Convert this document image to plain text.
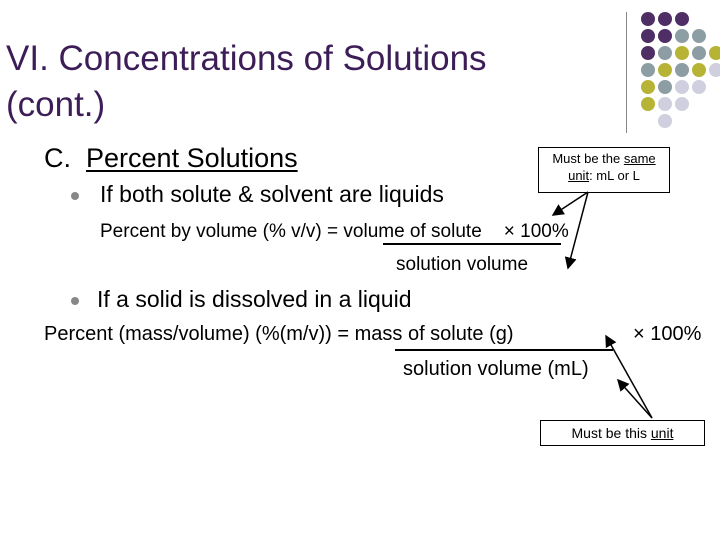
VI. Concentrations of Solutions
(cont.)
C. Percent Solutions	Must be the same
unit: mL or L
If both solute & solvent are liquids
Percent by volume (% v/v) = volume of solute × 100%
solution volume
If a solid is dissolved in a liquid
Percent (mass/volume) (%(m/v)) = mass of solute (g)	× 100%
solution volume (mL)
Must be this unit
